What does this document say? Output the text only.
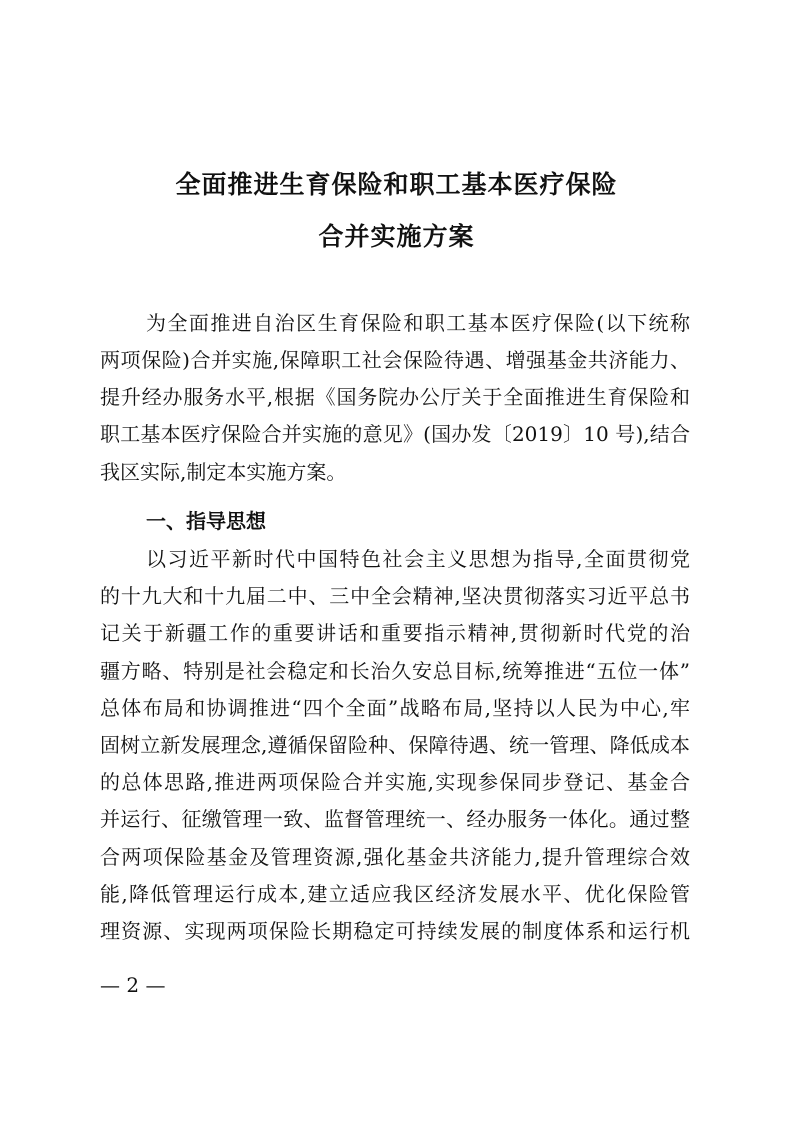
全面推进生育保险和职工基本医疗保险
合并实施方案
为全面推进自治区生育保险和职工基本医疗保险(以下统称
两项保险)合并实施,保障职工社会保险待遇、增强基金共济能力、
提升经办服务水平,根据《国务院办公厅关于全面推进生育保险和
职工基本医疗保险合并实施的意见》(国办发〔2019〕10 号),结合
我区实际,制定本实施方案。
一、指导思想
以习近平新时代中国特色社会主义思想为指导,全面贯彻党
的十九大和十九届二中、三中全会精神,坚决贯彻落实习近平总书
记关于新疆工作的重要讲话和重要指示精神,贯彻新时代党的治
疆方略、特别是社会稳定和长治久安总目标,统筹推进“五位一体”
总体布局和协调推进“四个全面”战略布局,坚持以人民为中心,牢
固树立新发展理念,遵循保留险种、保障待遇、统一管理、降低成本
的总体思路,推进两项保险合并实施,实现参保同步登记、基金合
并运行、征缴管理一致、监督管理统一、经办服务一体化。通过整
合两项保险基金及管理资源,强化基金共济能力,提升管理综合效
能,降低管理运行成本,建立适应我区经济发展水平、优化保险管
理资源、实现两项保险长期稳定可持续发展的制度体系和运行机
— 2 —
